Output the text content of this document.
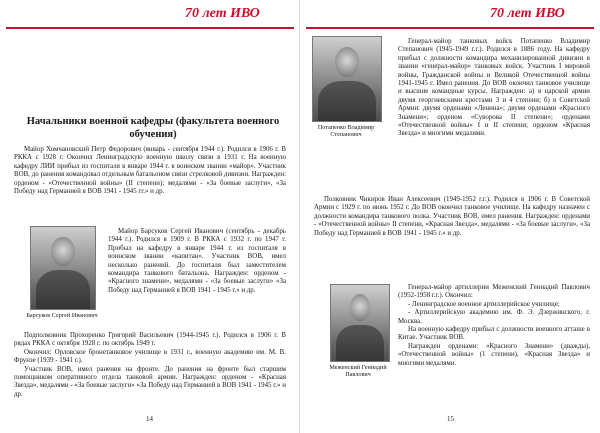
70 лет ИВО
Начальники военной кафедры (факультета военного обучения)

Майор Хомчановский Петр Федорович (январь - сентября 1944 г.). Родился в 1906 г. В РККА с 1928 г. Окончил Ленинградскую военную школу связи в 1931 г. На военную кафедру ЛИИ прибыл из госпиталя в январе 1944 г. в воинском звании «майор». Участник ВОВ, до ранения командовал отдельным батальоном связи стрелковой дивизии. Награжден: орденом - «Отечественной войны» (II степени); медалями - «За боевые заслуги», «За Победу над Германией в ВОВ 1941 - 1945 гг.» и др.

Барсуков Сергей Иванович

Майор Барсуков Сергей Иванович (сентябрь - декабрь 1944 г.). Родился в 1909 г. В РККА с 1932 г. по 1947 г. Прибыл на кафедру в январе 1944 г. из госпиталя в воинском звании «капитан». Участник ВОВ, имел несколько ранений. До госпиталя был заместителем командира танкового батальона. Награжден: орденом - «Красного знамени», медалями - «За боевые заслуги» «За Победу над Германией в ВОВ 1941 - 1945 г.» и др.

Подполковник Прохоренко Григорий Васильевич (1944-1945 г.). Родился в 1906 г. В рядах РККА с октября 1928 г. по октябрь 1949 г.

Окончил: Орловское бронетанковое училище в 1931 г., военную академию им. М. В. Фрунзе (1939 - 1941 г.).

Участник ВОВ, имел ранения на фронте. До ранения на фронте был старшим помощником оперативного отдела танковой армии. Награжден: орденом - «Красная Звезда», медалями - «За боевые заслуги» «За Победу над Германией в ВОВ 1941 - 1945 г.» и др.

14
70 лет ИВО
Потапенко Владимир Степанович

Генерал-майор танковых войск Потапенко Владимир Степанович (1945-1949 г.г.). Родился в 1886 году. На кафедру прибыл с должности командира механизированной дивизии в звании «генерал-майор» танковых войск. Участник I мировой войны, Гражданской войны и Великой Отечественной войны 1941-1945 г. Имел ранения. До ВОВ окончил танковое училище и высшие командные курсы. Награжден: а) в царской армии двумя георгиевскими крестами 3 и 4 степени; б) в Советской Армии: двумя орденами «Ленина»; двумя орденами «Красного Знамени»; орденом «Суворова II степени»; орденами «Отечественной войны» I и II степени; орденом «Красная Звезда» и многими медалями.

Полковник Чикиров Иван Алексеевич (1949-1952 г.г.). Родился в 1906 г. В Советской Армии с 1929 г. по июнь 1952 г. До ВОВ окончил танковое училище. На кафедру назначен с должности командира танкового полка. Участник ВОВ, имел ранения. Награжден: орденами - «Отечественной войны» II степени, «Красная Звезда», медалями - «За боевые заслуги», «За Победу над Германией в ВОВ 1941 - 1945 г.» и др.

Меженский Геннадий Павлович

Генерал-майор артиллерии Меженский Геннадий Павлович (1952-1958 г.г.). Окончил:

- Ленинградское военное артиллерийское училище;

- Артиллерийскую академию им. Ф. Э. Дзержинского, г. Москва.

На военную кафедру прибыл с должности военного атташе в Китае. Участник ВОВ.

Награжден орденами: «Красного Знамени» (дважды), «Отечественной войны» (1 степени), «Красная Звезда» и многими медалями.

15
